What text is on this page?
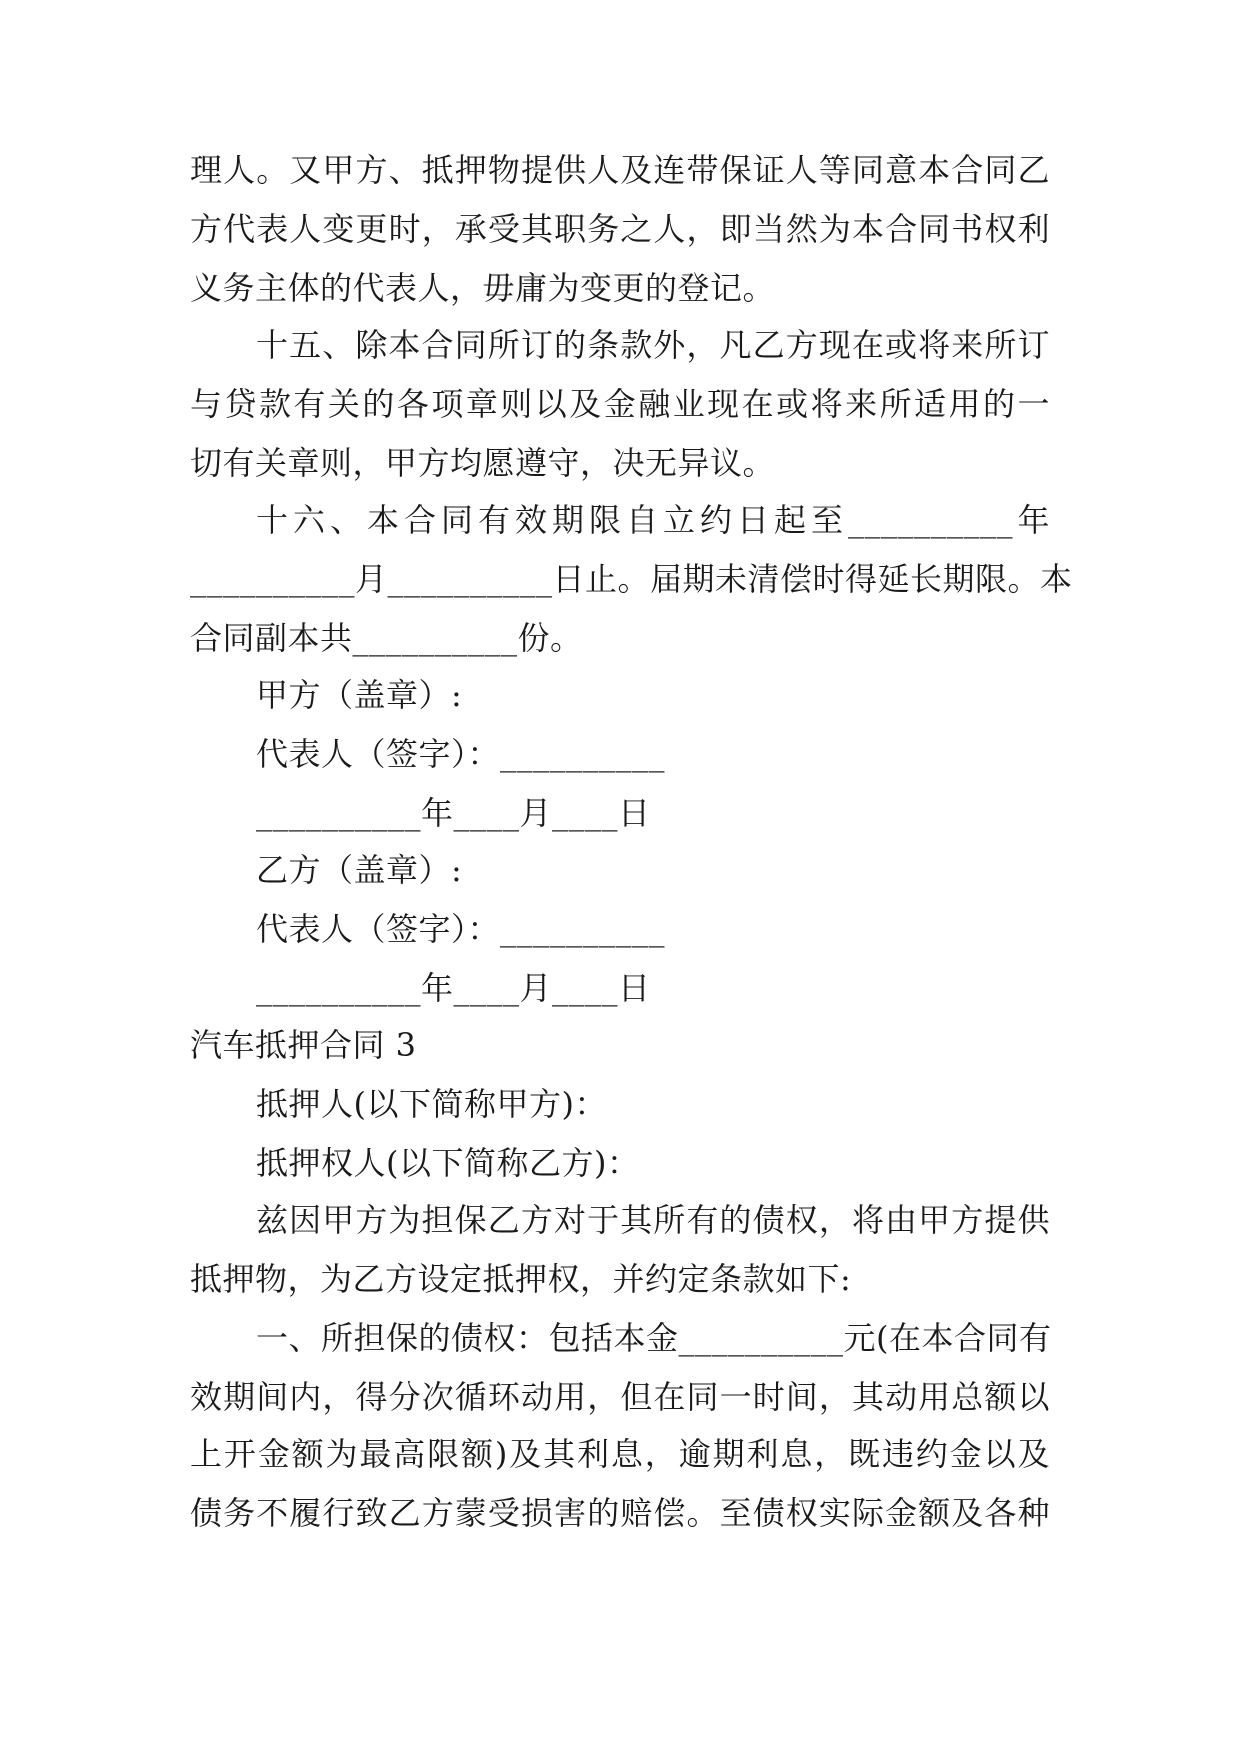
理人。又甲方、抵押物提供人及连带保证人等同意本合同乙
方代表人变更时，承受其职务之人，即当然为本合同书权利
义务主体的代表人，毋庸为变更的登记。
十五、除本合同所订的条款外，凡乙方现在或将来所订
与贷款有关的各项章则以及金融业现在或将来所适用的一
切有关章则，甲方均愿遵守，决无异议。
十六、本合同有效期限自立约日起至__________年
__________月__________日止。届期未清偿时得延长期限。本
合同副本共__________份。
甲方（盖章）:
代表人（签字）：__________
__________年____月____日
乙方（盖章）:
代表人（签字）：__________
__________年____月____日
汽车抵押合同 3
抵押人(以下简称甲方)：
抵押权人(以下简称乙方)：
兹因甲方为担保乙方对于其所有的债权，将由甲方提供
抵押物，为乙方设定抵押权，并约定条款如下:
一、所担保的债权：包括本金__________元(在本合同有
效期间内，得分次循环动用，但在同一时间，其动用总额以
上开金额为最高限额)及其利息，逾期利息，既违约金以及
债务不履行致乙方蒙受损害的赔偿。至债权实际金额及各种
